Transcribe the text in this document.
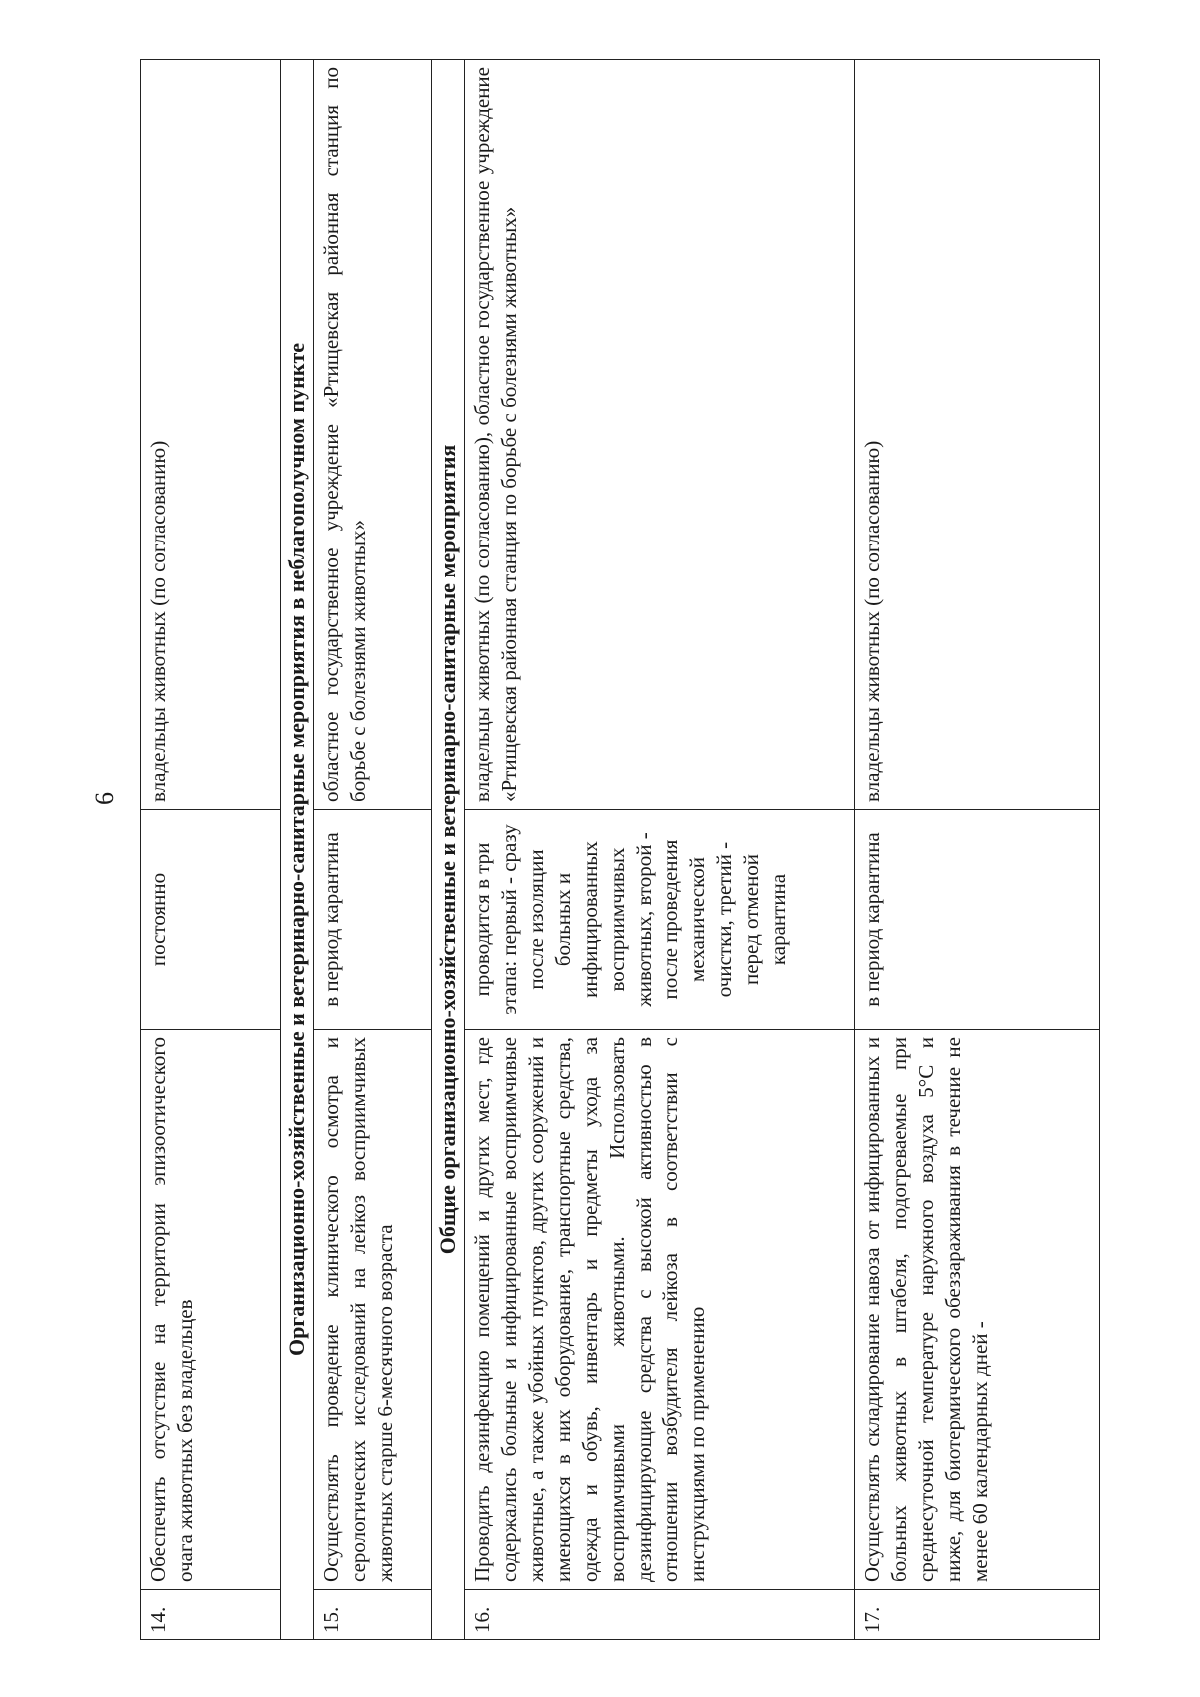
6
14.	Обеспечить отсутствие на территории эпизоотического очага животных без владельцев	постоянно	владельцы животных (по согласованию)
Организационно-хозяйственные и ветеринарно-санитарные мероприятия в неблагополучном пункте			
15.	Осуществлять проведение клинического осмотра и серологических исследований на лейкоз восприимчивых животных старше 6-месячного возраста	в период карантина	областное государственное учреждение «Ртищевская районная станция по борьбе с болезнями животных»
Общие организационно-хозяйственные и ветеринарно-санитарные мероприятия			
16.	Проводить дезинфекцию помещений и других мест, где содержались больные и инфицированные восприимчивые животные, а также убойных пунктов, других сооружений и имеющихся в них оборудование, транспортные средства, одежда и обувь, инвентарь и предметы ухода за восприимчивыми животными. Использовать дезинфицирующие средства с высокой активностью в отношении возбудителя лейкоза в соответствии с инструкциями по применению	проводится в три этапа: первый - сразу после изоляции больных и инфицированных восприимчивых животных, второй - после проведения механической очистки, третий - перед отменой карантина	владельцы животных (по согласованию), областное государственное учреждение «Ртищевская районная станция по борьбе с болезнями животных»
17.	Осуществлять складирование навоза от инфицированных и больных животных в штабеля, подогреваемые при среднесуточной температуре наружного воздуха 5°С и ниже, для биотермического обеззараживания в течение не менее 60 календарных дней -	в период карантина	владельцы животных (по согласованию)
